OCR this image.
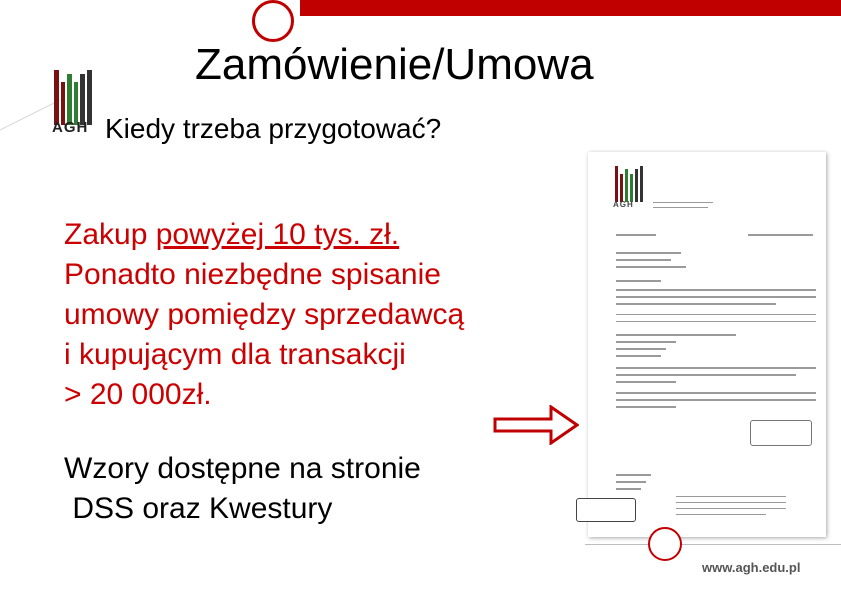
AGH
Zamówienie/Umowa
Kiedy trzeba przygotować?
Zakup powyżej 10 tys. zł.
Ponadto niezbędne spisanie
umowy pomiędzy sprzedawcą
i kupującym dla transakcji
> 20 000zł.
Wzory dostępne na stronie
DSS oraz Kwestury
AGH
www.agh.edu.pl
